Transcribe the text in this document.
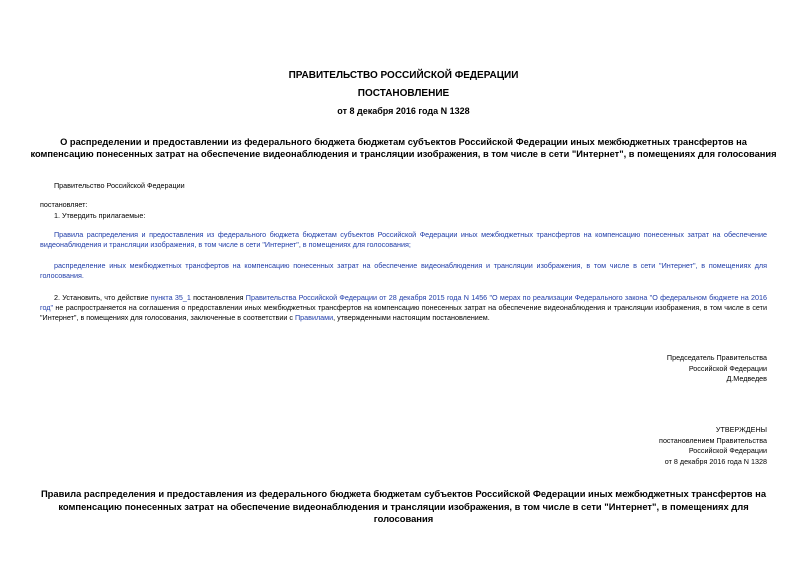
ПРАВИТЕЛЬСТВО РОССИЙСКОЙ ФЕДЕРАЦИИ
ПОСТАНОВЛЕНИЕ
от 8 декабря 2016 года N 1328
О распределении и предоставлении из федерального бюджета бюджетам субъектов Российской Федерации иных межбюджетных трансфертов на компенсацию понесенных затрат на обеспечение видеонаблюдения и трансляции изображения, в том числе в сети "Интернет", в помещениях для голосования
Правительство Российской Федерации
постановляет:
1. Утвердить прилагаемые:
Правила распределения и предоставления из федерального бюджета бюджетам субъектов Российской Федерации иных межбюджетных трансфертов на компенсацию понесенных затрат на обеспечение видеонаблюдения и трансляции изображения, в том числе в сети "Интернет", в помещениях для голосования;
распределение иных межбюджетных трансфертов на компенсацию понесенных затрат на обеспечение видеонаблюдения и трансляции изображения, в том числе в сети "Интернет", в помещениях для голосования.
2. Установить, что действие пункта 35_1 постановления Правительства Российской Федерации от 28 декабря 2015 года N 1456 "О мерах по реализации Федерального закона "О федеральном бюджете на 2016 год" не распространяется на соглашения о предоставлении иных межбюджетных трансфертов на компенсацию понесенных затрат на обеспечение видеонаблюдения и трансляции изображения, в том числе в сети "Интернет", в помещениях для голосования, заключенные в соответствии с Правилами, утвержденными настоящим постановлением.
Председатель Правительства
Российской Федерации
Д.Медведев
УТВЕРЖДЕНЫ
постановлением Правительства
Российской Федерации
от 8 декабря 2016 года N 1328
Правила распределения и предоставления из федерального бюджета бюджетам субъектов Российской Федерации иных межбюджетных трансфертов на компенсацию понесенных затрат на обеспечение видеонаблюдения и трансляции изображения, в том числе в сети "Интернет", в помещениях для голосования
